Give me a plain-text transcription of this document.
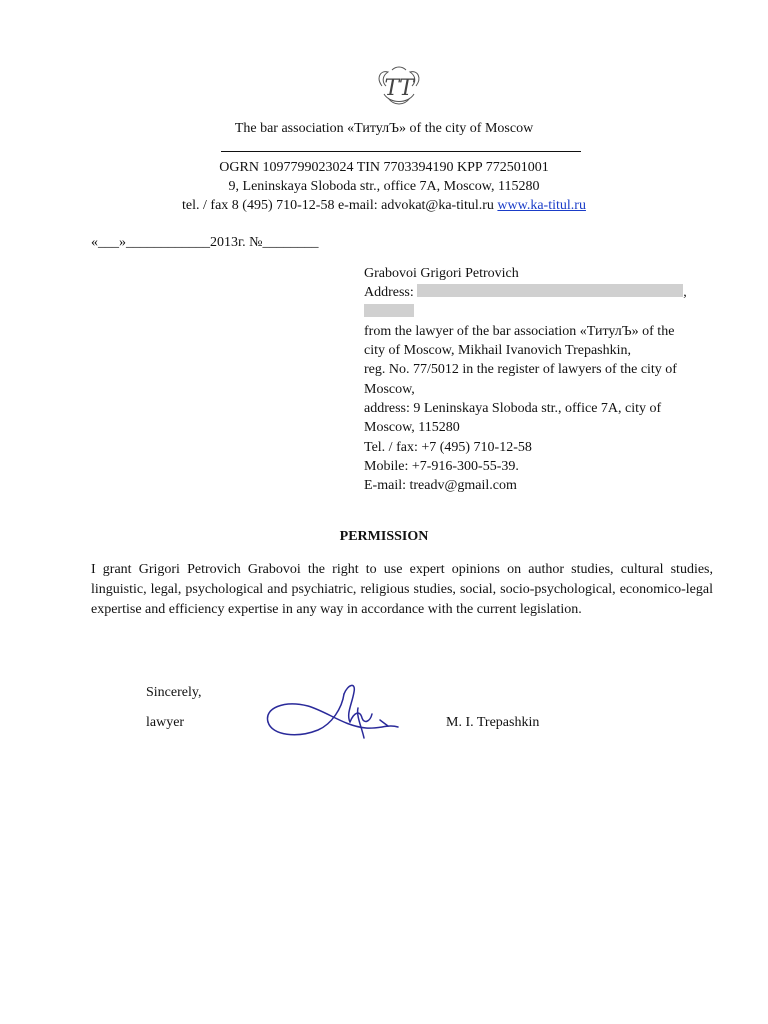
ТТ
The bar association «ТитулЪ» of the city of Moscow
OGRN 1097799023024 TIN 7703394190 KPP 772501001
9, Leninskaya Sloboda str., office 7A, Moscow, 115280
tel. / fax 8 (495) 710-12-58 e-mail: advokat@ka-titul.ru www.ka-titul.ru
«___»____________2013г. №________
Grabovoi Grigori Petrovich
Address:	,
from the lawyer of the bar association «ТитулЪ» of the
city of Moscow, Mikhail Ivanovich Trepashkin,
reg. No. 77/5012 in the register of lawyers of the city of
Moscow,
address: 9 Leninskaya Sloboda str., office 7A, city of
Moscow, 115280
Tel. / fax: +7 (495) 710-12-58
Mobile: +7-916-300-55-39.
E-mail: treadv@gmail.com
PERMISSION
I grant Grigori Petrovich Grabovoi the right to use expert opinions on author studies, cultural studies, linguistic, legal, psychological and psychiatric, religious studies, social, socio-psychological, economico-legal expertise and efficiency expertise in any way in accordance with the current legislation.
Sincerely,
lawyer	M. I. Trepashkin
